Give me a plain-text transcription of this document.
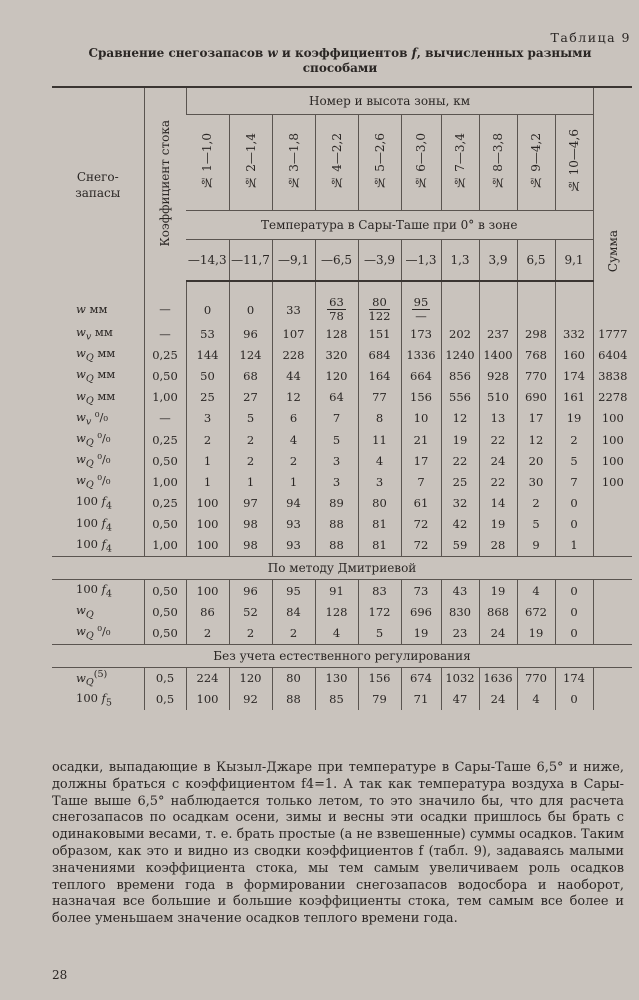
Таблица 9
Сравнение снегозапасов w и коэффициентов f, вычисленных разными способами
Снего-
запасы	Коэффициент стока	Номер и высота зоны, км										Сумма
		№ 1—1,0	№ 2—1,4	№ 3—1,8	№ 4—2,2	№ 5—2,6	№ 6—3,0	№ 7—3,4	№ 8—3,8	№ 9—4,2	№ 10—4,6	
		Температура в Сары-Таше при 0° в зоне										
		—14,3	—11,7	—9,1	—6,5	—3,9	—1,3	1,3	3,9	6,5	9,1	
w мм	—	0	0	33	$\frac{63}{78}$	$\frac{80}{122}$	$\frac{95}{—}$					
$w_v$ мм	—	53	96	107	128	151	173	202	237	298	332	1777
$w_Q$ мм	0,25	144	124	228	320	684	1336	1240	1400	768	160	6404
$w_Q$ мм	0,50	50	68	44	120	164	664	856	928	770	174	3838
$w_Q$ мм	1,00	25	27	12	64	77	156	556	510	690	161	2278
$w_v$ ⁰/₀	—	3	5	6	7	8	10	12	13	17	19	100
$w_Q$ ⁰/₀	0,25	2	2	4	5	11	21	19	22	12	2	100
$w_Q$ ⁰/₀	0,50	1	2	2	3	4	17	22	24	20	5	100
$w_Q$ ⁰/₀	1,00	1	1	1	3	3	7	25	22	30	7	100
100 $f_4$	0,25	100	97	94	89	80	61	32	14	2	0	
100 $f_4$	0,50	100	98	93	88	81	72	42	19	5	0	
100 $f_4$	1,00	100	98	93	88	81	72	59	28	9	1	
По методу Дмитриевой												
100 $f_4$	0,50	100	96	95	91	83	73	43	19	4	0	
$w_Q$	0,50	86	52	84	128	172	696	830	868	672	0	
$w_Q$ ⁰/₀	0,50	2	2	2	4	5	19	23	24	19	0	
Без учета естественного регулирования												
$w_Q^{(5)}$	0,5	224	120	80	130	156	674	1032	1636	770	174	
100 $f_5$	0,5	100	92	88	85	79	71	47	24	4	0	
осадки, выпадающие в Кызыл-Джаре при температуре в Сары-Таше 6,5° и ниже, должны браться с коэффициентом f4=1. А так как температура воздуха в Сары-Таше выше 6,5° наблюдается только летом, то это значило бы, что для расчета снегозапасов по осадкам осени, зимы и весны эти осадки пришлось бы брать с одинаковыми весами, т. е. брать простые (а не взвешенные) суммы осадков. Таким образом, как это и видно из сводки коэффициентов f (табл. 9), задаваясь малыми значениями коэффициента стока, мы тем самым увеличиваем роль осадков теплого времени года в формировании снегозапасов водосбора и наоборот, назначая все большие и большие коэффициенты стока, тем самым все более и более уменьшаем значение осадков теплого времени года.
28
